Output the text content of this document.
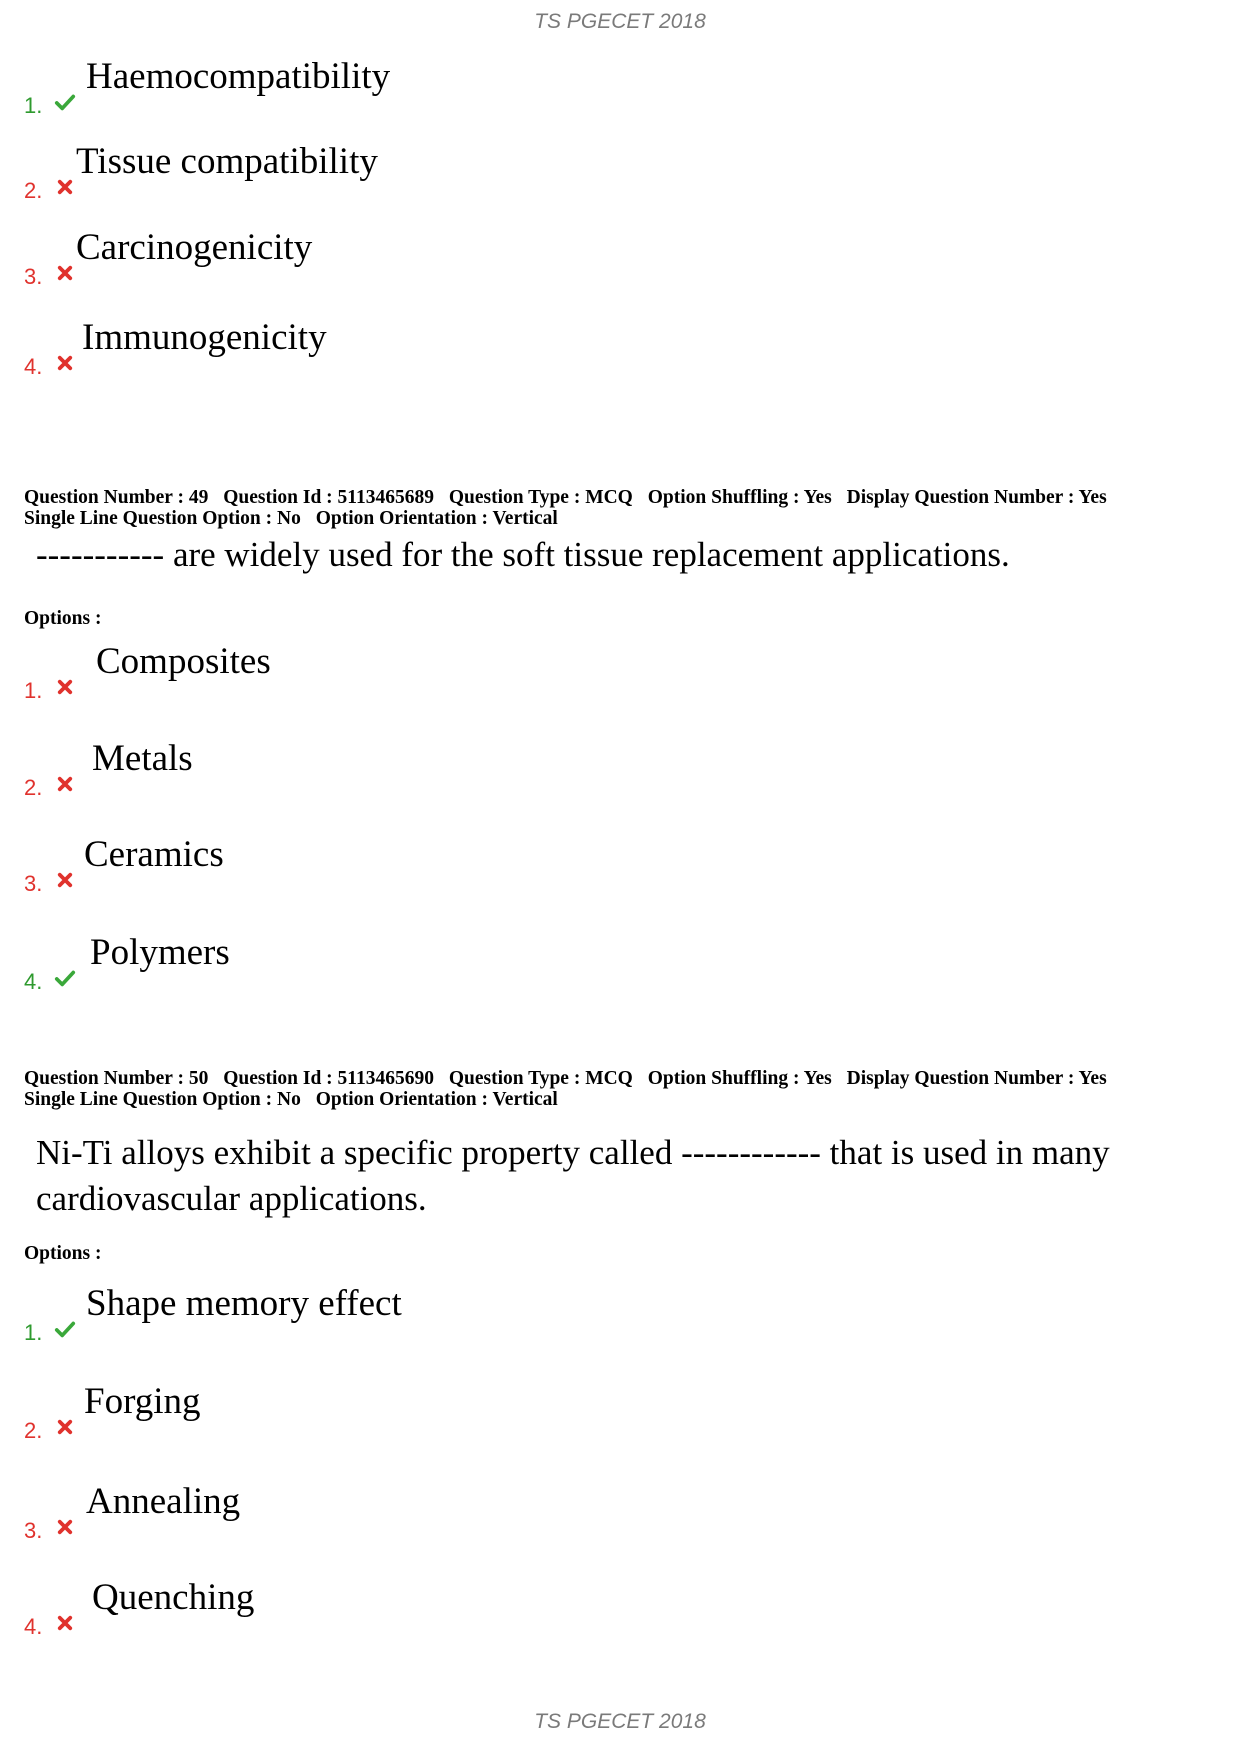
TS PGECET 2018
1.
Haemocompatibility
2.
Tissue compatibility
3.
Carcinogenicity
4.
Immunogenicity
Question Number : 49 Question Id : 5113465689 Question Type : MCQ Option Shuffling : Yes Display Question Number : Yes
Single Line Question Option : No Option Orientation : Vertical
----------- are widely used for the soft tissue replacement applications.
Options :
1.
Composites
2.
Metals
3.
Ceramics
4.
Polymers
Question Number : 50 Question Id : 5113465690 Question Type : MCQ Option Shuffling : Yes Display Question Number : Yes
Single Line Question Option : No Option Orientation : Vertical
Ni-Ti alloys exhibit a specific property called ------------ that is used in many
cardiovascular applications.
Options :
1.
Shape memory effect
2.
Forging
3.
Annealing
4.
Quenching
TS PGECET 2018
